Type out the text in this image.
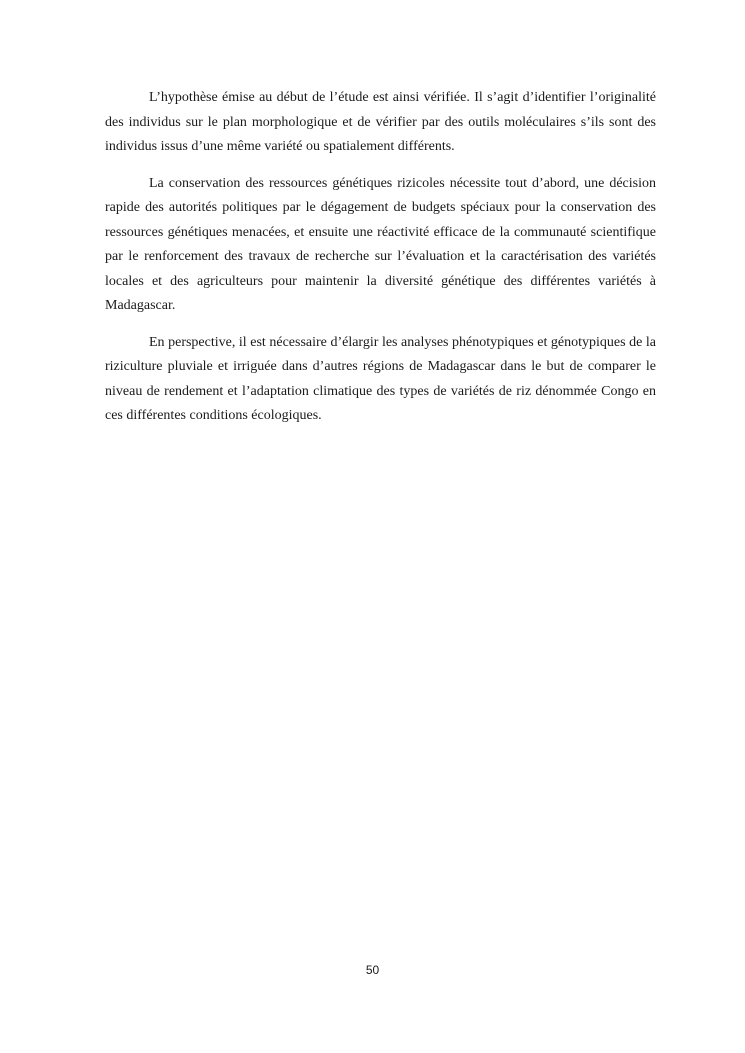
L’hypothèse émise au début de l’étude est ainsi vérifiée. Il s’agit d’identifier l’originalité des individus sur le plan morphologique et de vérifier par des outils moléculaires s’ils sont des individus issus d’une même variété ou spatialement différents.

La conservation des ressources génétiques rizicoles nécessite tout d’abord, une décision rapide des autorités politiques par le dégagement de budgets spéciaux pour la conservation des ressources génétiques menacées, et ensuite une réactivité efficace de la communauté scientifique par le renforcement des travaux de recherche sur l’évaluation et la caractérisation des variétés locales et des agriculteurs pour maintenir la diversité génétique des différentes variétés à Madagascar.

En perspective, il est nécessaire d’élargir les analyses phénotypiques et génotypiques de la riziculture pluviale et irriguée dans d’autres régions de Madagascar dans le but de comparer le niveau de rendement et l’adaptation climatique des types de variétés de riz dénommée Congo en ces différentes conditions écologiques.

50
